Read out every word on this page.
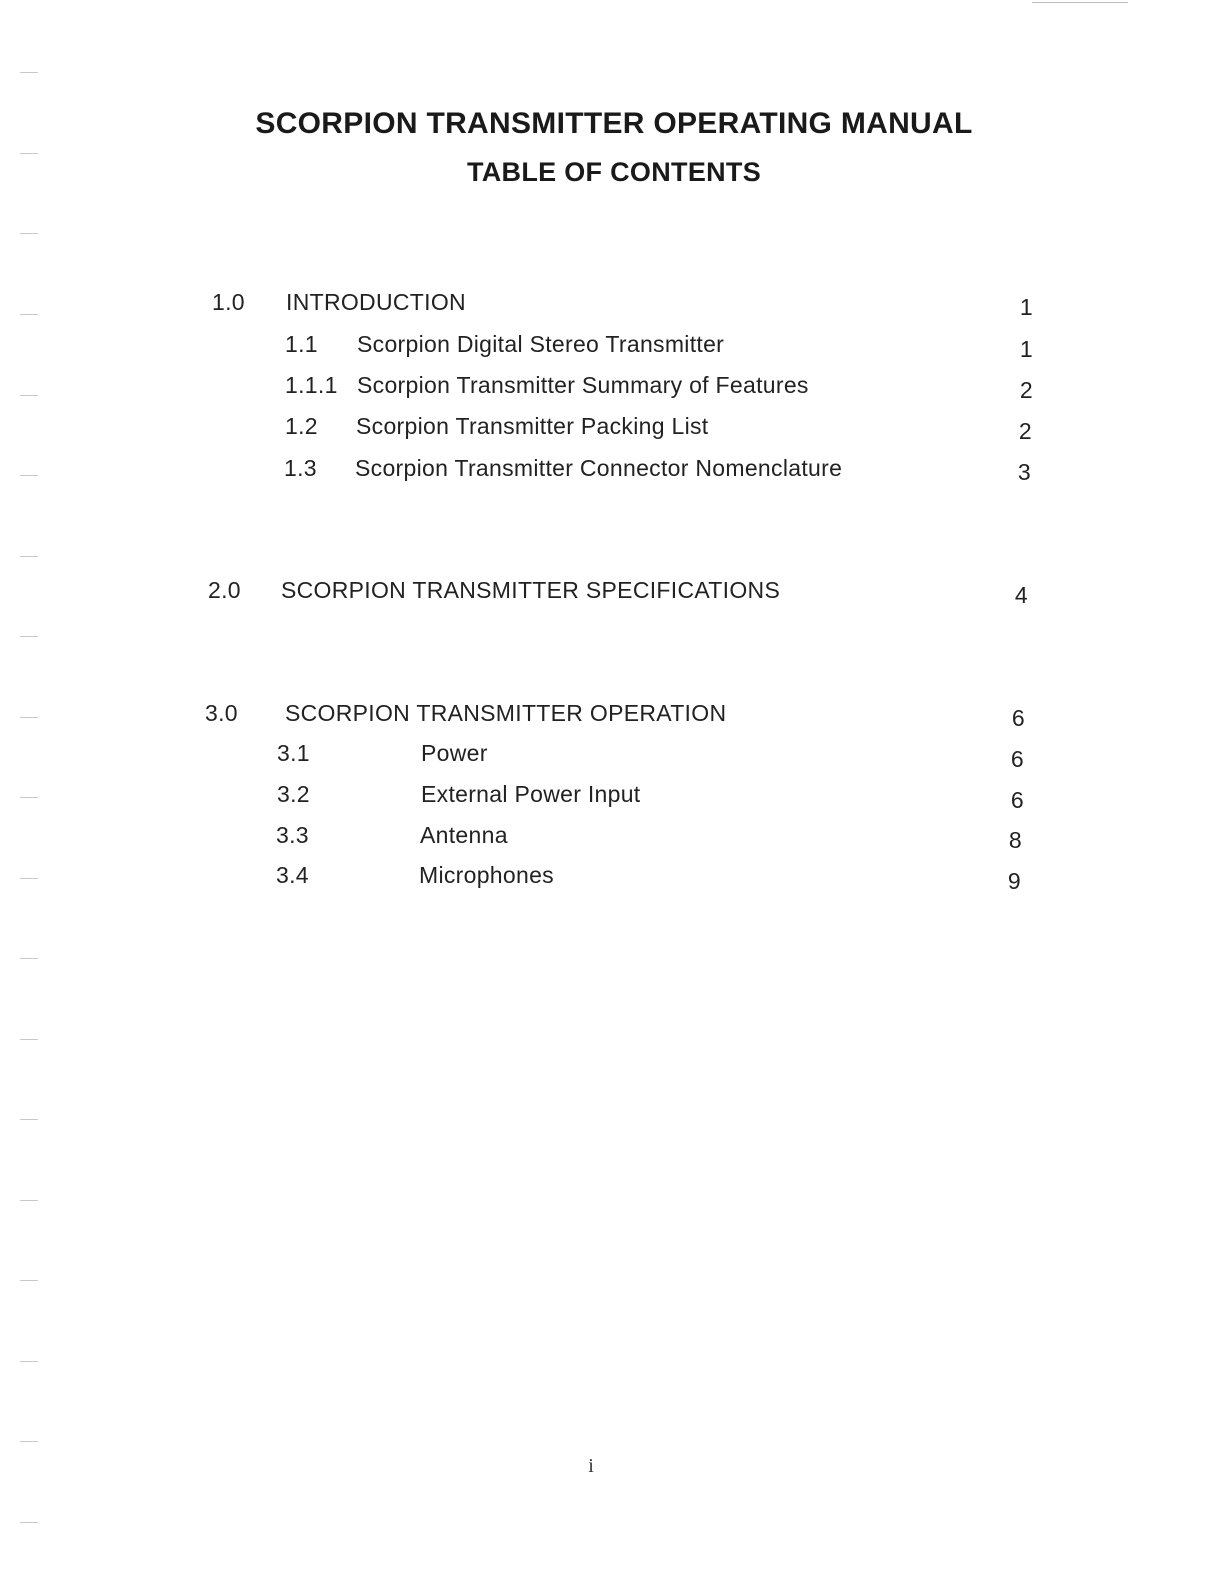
SCORPION TRANSMITTER OPERATING MANUAL
TABLE OF CONTENTS
1.0 INTRODUCTION	1
1.1 Scorpion Digital Stereo Transmitter	1
1.1.1 Scorpion Transmitter Summary of Features	2
1.2 Scorpion Transmitter Packing List	2
1.3 Scorpion Transmitter Connector Nomenclature	3
2.0 SCORPION TRANSMITTER SPECIFICATIONS	4
3.0 SCORPION TRANSMITTER OPERATION	6
3.1	Power	6
3.2	External Power Input	6
3.3	Antenna	8
3.4	Microphones	9
i
